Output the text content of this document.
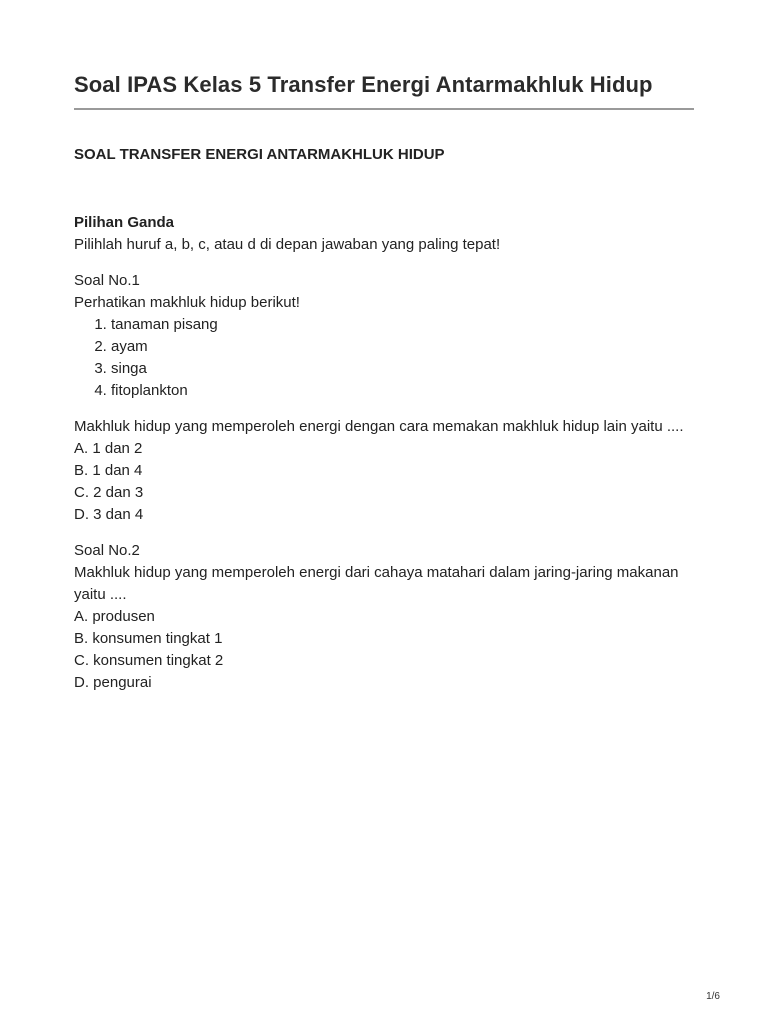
Soal IPAS Kelas 5 Transfer Energi Antarmakhluk Hidup
SOAL TRANSFER ENERGI ANTARMAKHLUK HIDUP
Pilihan Ganda
Pilihlah huruf a, b, c, atau d di depan jawaban yang paling tepat!
Soal No.1
Perhatikan makhluk hidup berikut!
1. tanaman pisang
2. ayam
3. singa
4. fitoplankton
Makhluk hidup yang memperoleh energi dengan cara memakan makhluk hidup lain yaitu ....
A. 1 dan 2
B. 1 dan 4
C. 2 dan 3
D. 3 dan 4
Soal No.2
Makhluk hidup yang memperoleh energi dari cahaya matahari dalam jaring-jaring makanan yaitu ....
A. produsen
B. konsumen tingkat 1
C. konsumen tingkat 2
D. pengurai
1/6
